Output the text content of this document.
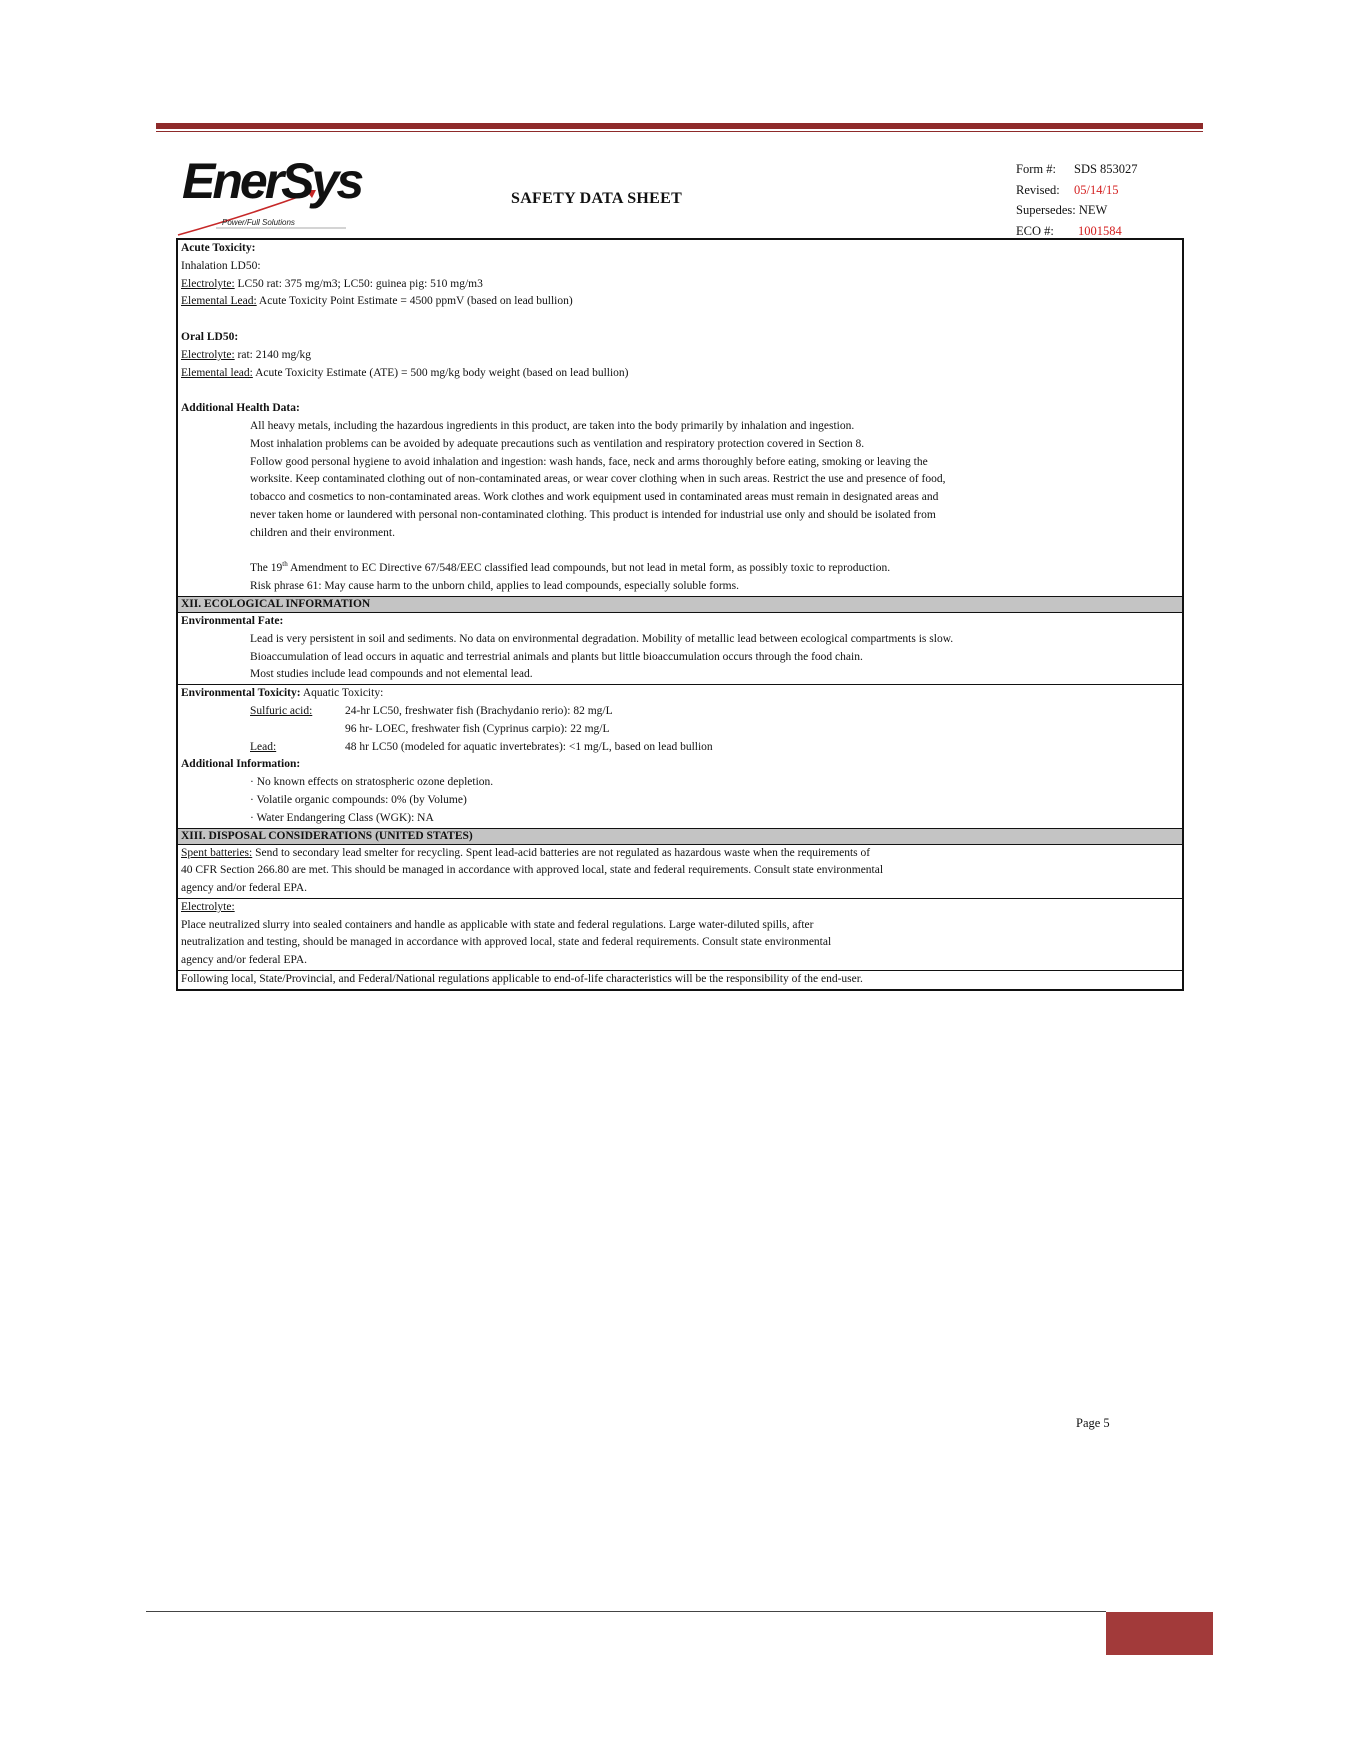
EnerSys
Power/Full Solutions
SAFETY DATA SHEET
Form #: SDS 853027
Revised: 05/14/15
Supersedes: NEW
ECO #: 1001584
Acute Toxicity:
Inhalation LD50:
Electrolyte: LC50 rat: 375 mg/m3; LC50: guinea pig: 510 mg/m3
Elemental Lead: Acute Toxicity Point Estimate = 4500 ppmV (based on lead bullion)
Oral LD50:
Electrolyte: rat: 2140 mg/kg
Elemental lead: Acute Toxicity Estimate (ATE) = 500 mg/kg body weight (based on lead bullion)
Additional Health Data:
All heavy metals, including the hazardous ingredients in this product, are taken into the body primarily by inhalation and ingestion.
Most inhalation problems can be avoided by adequate precautions such as ventilation and respiratory protection covered in Section 8.
Follow good personal hygiene to avoid inhalation and ingestion: wash hands, face, neck and arms thoroughly before eating, smoking or leaving the
worksite. Keep contaminated clothing out of non-contaminated areas, or wear cover clothing when in such areas. Restrict the use and presence of food,
tobacco and cosmetics to non-contaminated areas. Work clothes and work equipment used in contaminated areas must remain in designated areas and
never taken home or laundered with personal non-contaminated clothing. This product is intended for industrial use only and should be isolated from
children and their environment.
The 19th Amendment to EC Directive 67/548/EEC classified lead compounds, but not lead in metal form, as possibly toxic to reproduction.
Risk phrase 61: May cause harm to the unborn child, applies to lead compounds, especially soluble forms.
XII. ECOLOGICAL INFORMATION
Environmental Fate:
Lead is very persistent in soil and sediments. No data on environmental degradation. Mobility of metallic lead between ecological compartments is slow.
Bioaccumulation of lead occurs in aquatic and terrestrial animals and plants but little bioaccumulation occurs through the food chain.
Most studies include lead compounds and not elemental lead.
Environmental Toxicity: Aquatic Toxicity:
Sulfuric acid:	24-hr LC50, freshwater fish (Brachydanio rerio): 82 mg/L
96 hr- LOEC, freshwater fish (Cyprinus carpio): 22 mg/L
Lead:	48 hr LC50 (modeled for aquatic invertebrates): <1 mg/L, based on lead bullion
Additional Information:
· No known effects on stratospheric ozone depletion.
· Volatile organic compounds: 0% (by Volume)
· Water Endangering Class (WGK): NA
XIII. DISPOSAL CONSIDERATIONS (UNITED STATES)
Spent batteries: Send to secondary lead smelter for recycling. Spent lead-acid batteries are not regulated as hazardous waste when the requirements of
40 CFR Section 266.80 are met. This should be managed in accordance with approved local, state and federal requirements. Consult state environmental
agency and/or federal EPA.
Electrolyte:
Place neutralized slurry into sealed containers and handle as applicable with state and federal regulations. Large water-diluted spills, after
neutralization and testing, should be managed in accordance with approved local, state and federal requirements. Consult state environmental
agency and/or federal EPA.
Following local, State/Provincial, and Federal/National regulations applicable to end-of-life characteristics will be the responsibility of the end-user.
Page 5
